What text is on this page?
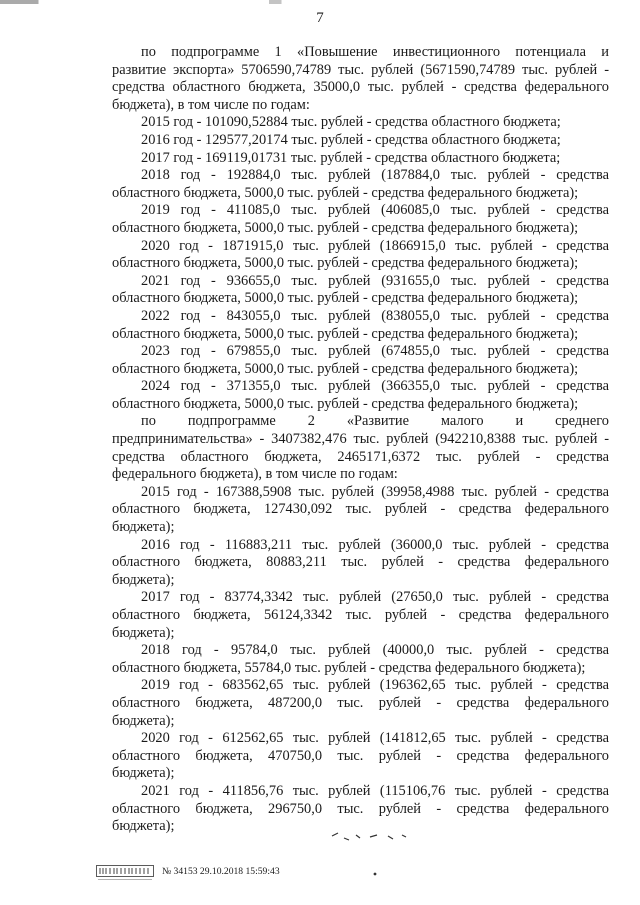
7

по подпрограмме 1 «Повышение инвестиционного потенциала и

развитие экспорта» 5706590,74789 тыс. рублей (5671590,74789 тыс. рублей -

средства областного бюджета, 35000,0 тыс. рублей - средства федерального

бюджета), в том числе по годам:

2015 год - 101090,52884 тыс. рублей - средства областного бюджета;

2016 год - 129577,20174 тыс. рублей - средства областного бюджета;

2017 год - 169119,01731 тыс. рублей - средства областного бюджета;

2018 год - 192884,0 тыс. рублей (187884,0 тыс. рублей - средства

областного бюджета, 5000,0 тыс. рублей - средства федерального бюджета);

2019 год - 411085,0 тыс. рублей (406085,0 тыс. рублей - средства

областного бюджета, 5000,0 тыс. рублей - средства федерального бюджета);

2020 год - 1871915,0 тыс. рублей (1866915,0 тыс. рублей - средства

областного бюджета, 5000,0 тыс. рублей - средства федерального бюджета);

2021 год - 936655,0 тыс. рублей (931655,0 тыс. рублей - средства

областного бюджета, 5000,0 тыс. рублей - средства федерального бюджета);

2022 год - 843055,0 тыс. рублей (838055,0 тыс. рублей - средства

областного бюджета, 5000,0 тыс. рублей - средства федерального бюджета);

2023 год - 679855,0 тыс. рублей (674855,0 тыс. рублей - средства

областного бюджета, 5000,0 тыс. рублей - средства федерального бюджета);

2024 год - 371355,0 тыс. рублей (366355,0 тыс. рублей - средства

областного бюджета, 5000,0 тыс. рублей - средства федерального бюджета);

по подпрограмме 2 «Развитие малого и среднего

предпринимательства» - 3407382,476 тыс. рублей (942210,8388 тыс. рублей -

средства областного бюджета, 2465171,6372 тыс. рублей - средства

федерального бюджета), в том числе по годам:

2015 год - 167388,5908 тыс. рублей (39958,4988 тыс. рублей - средства

областного бюджета, 127430,092 тыс. рублей - средства федерального

бюджета);

2016 год - 116883,211 тыс. рублей (36000,0 тыс. рублей - средства

областного бюджета, 80883,211 тыс. рублей - средства федерального

бюджета);

2017 год - 83774,3342 тыс. рублей (27650,0 тыс. рублей - средства

областного бюджета, 56124,3342 тыс. рублей - средства федерального

бюджета);

2018 год - 95784,0 тыс. рублей (40000,0 тыс. рублей - средства

областного бюджета, 55784,0 тыс. рублей - средства федерального бюджета);

2019 год - 683562,65 тыс. рублей (196362,65 тыс. рублей - средства

областного бюджета, 487200,0 тыс. рублей - средства федерального

бюджета);

2020 год - 612562,65 тыс. рублей (141812,65 тыс. рублей - средства

областного бюджета, 470750,0 тыс. рублей - средства федерального

бюджета);

2021 год - 411856,76 тыс. рублей (115106,76 тыс. рублей - средства

областного бюджета, 296750,0 тыс. рублей - средства федерального

бюджета);

№ 34153 29.10.2018 15:59:43
